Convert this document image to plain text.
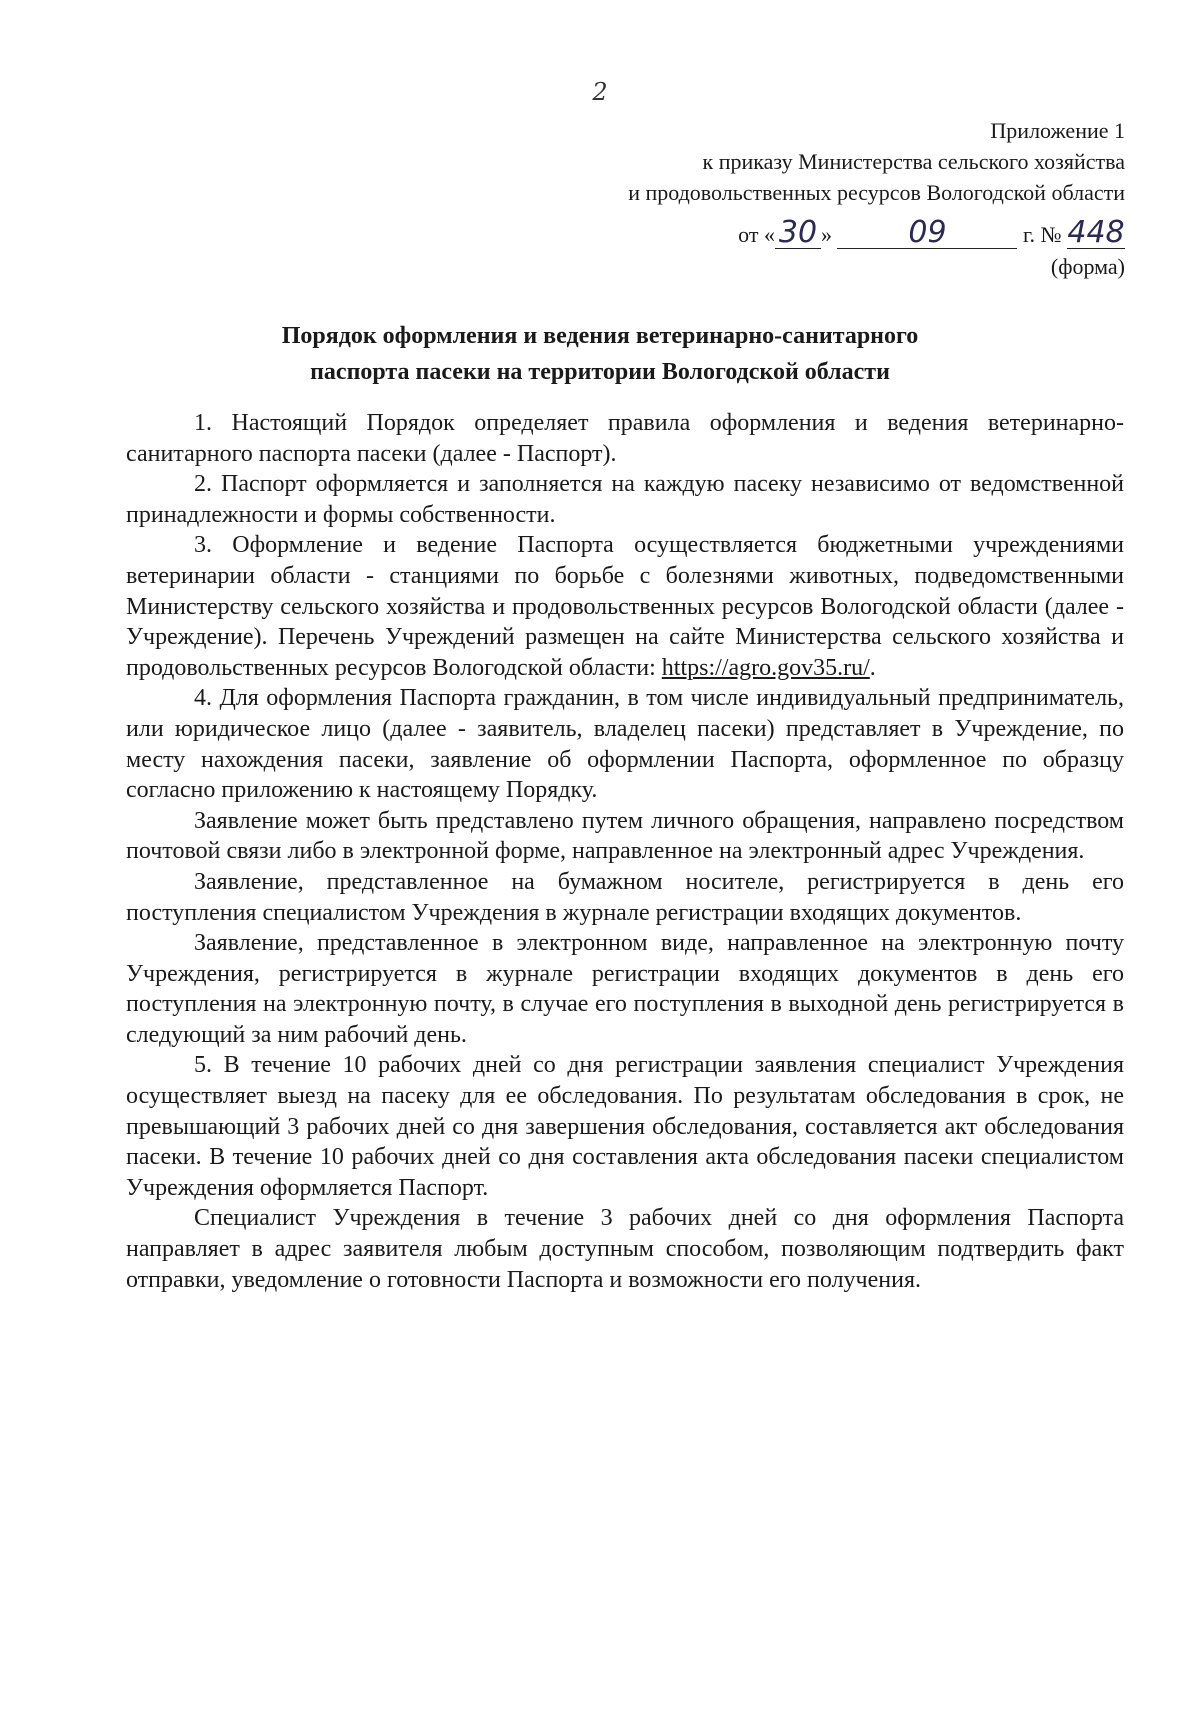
2
Приложение 1
к приказу Министерства сельского хозяйства
и продовольственных ресурсов Вологодской области
от « 30 »	09	г. № 448
(форма)
Порядок оформления и ведения ветеринарно-санитарного
паспорта пасеки на территории Вологодской области

1. Настоящий Порядок определяет правила оформления и ведения ветеринарно-санитарного паспорта пасеки (далее - Паспорт).

2. Паспорт оформляется и заполняется на каждую пасеку независимо от ведомственной принадлежности и формы собственности.

3. Оформление и ведение Паспорта осуществляется бюджетными учреждениями ветеринарии области - станциями по борьбе с болезнями животных, подведомственными Министерству сельского хозяйства и продовольственных ресурсов Вологодской области (далее - Учреждение). Перечень Учреждений размещен на сайте Министерства сельского хозяйства и продовольственных ресурсов Вологодской области: https://agro.gov35.ru/.

4. Для оформления Паспорта гражданин, в том числе индивидуальный предприниматель, или юридическое лицо (далее - заявитель, владелец пасеки) представляет в Учреждение, по месту нахождения пасеки, заявление об оформлении Паспорта, оформленное по образцу согласно приложению к настоящему Порядку.

Заявление может быть представлено путем личного обращения, направлено посредством почтовой связи либо в электронной форме, направленное на электронный адрес Учреждения.

Заявление, представленное на бумажном носителе, регистрируется в день его поступления специалистом Учреждения в журнале регистрации входящих документов.

Заявление, представленное в электронном виде, направленное на электронную почту Учреждения, регистрируется в журнале регистрации входящих документов в день его поступления на электронную почту, в случае его поступления в выходной день регистрируется в следующий за ним рабочий день.

5. В течение 10 рабочих дней со дня регистрации заявления специалист Учреждения осуществляет выезд на пасеку для ее обследования. По результатам обследования в срок, не превышающий 3 рабочих дней со дня завершения обследования, составляется акт обследования пасеки. В течение 10 рабочих дней со дня составления акта обследования пасеки специалистом Учреждения оформляется Паспорт.

Специалист Учреждения в течение 3 рабочих дней со дня оформления Паспорта направляет в адрес заявителя любым доступным способом, позволяющим подтвердить факт отправки, уведомление о готовности Паспорта и возможности его получения.
